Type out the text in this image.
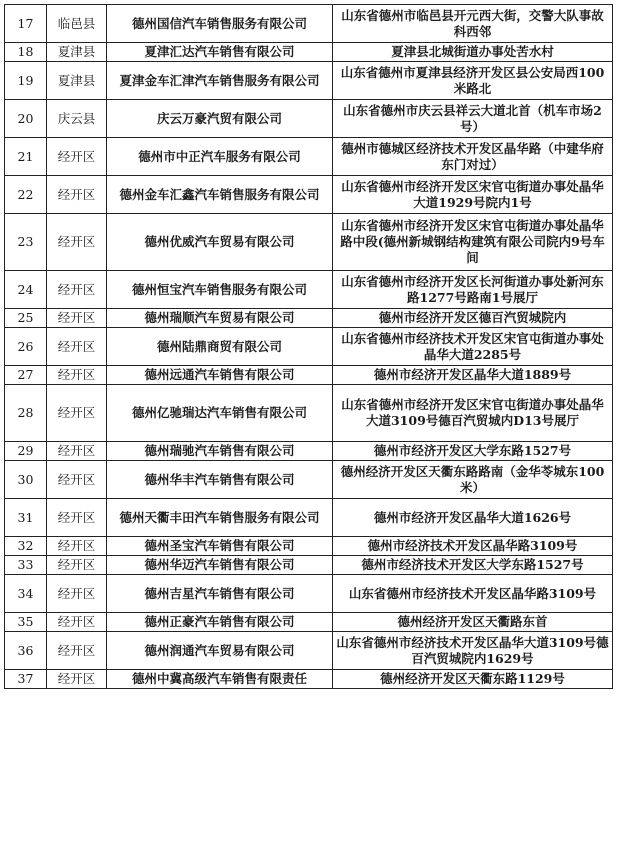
17	临邑县	德州国信汽车销售服务有限公司	山东省德州市临邑县开元西大街，交警大队事故科西邻
18	夏津县	夏津汇达汽车销售有限公司	夏津县北城街道办事处苦水村
19	夏津县	夏津金车汇津汽车销售服务有限公司	山东省德州市夏津县经济开发区县公安局西100米路北
20	庆云县	庆云万豪汽贸有限公司	山东省德州市庆云县祥云大道北首（机车市场2号）
21	经开区	德州市中正汽车服务有限公司	德州市德城区经济技术开发区晶华路（中建华府东门对过）
22	经开区	德州金车汇鑫汽车销售服务有限公司	山东省德州市经济开发区宋官屯街道办事处晶华大道1929号院内1号
23	经开区	德州优威汽车贸易有限公司	山东省德州市经济开发区宋官屯街道办事处晶华路中段(德州新城钢结构建筑有限公司院内9号车间
24	经开区	德州恒宝汽车销售服务有限公司	山东省德州市经济开发区长河街道办事处新河东路1277号路南1号展厅
25	经开区	德州瑞顺汽车贸易有限公司	德州市经济开发区德百汽贸城院内
26	经开区	德州陆鼎商贸有限公司	山东省德州市经济技术开发区宋官屯街道办事处晶华大道2285号
27	经开区	德州远通汽车销售有限公司	德州市经济开发区晶华大道1889号
28	经开区	德州亿驰瑞达汽车销售有限公司	山东省德州市经济开发区宋官屯街道办事处晶华大道3109号德百汽贸城内D13号展厅
29	经开区	德州瑞驰汽车销售有限公司	德州市经济开发区大学东路1527号
30	经开区	德州华丰汽车销售有限公司	德州经济开发区天衢东路路南（金华苓城东100米）
31	经开区	德州天衢丰田汽车销售服务有限公司	德州市经济开发区晶华大道1626号
32	经开区	德州圣宝汽车销售有限公司	德州市经济技术开发区晶华路3109号
33	经开区	德州华迈汽车销售有限公司	德州市经济技术开发区大学东路1527号
34	经开区	德州吉星汽车销售有限公司	山东省德州市经济技术开发区晶华路3109号
35	经开区	德州正豪汽车销售有限公司	德州经济开发区天衢路东首
36	经开区	德州润通汽车贸易有限公司	山东省德州市经济技术开发区晶华大道3109号德百汽贸城院内1629号
37	经开区	德州中冀高级汽车销售有限责任	德州经济开发区天衢东路1129号
